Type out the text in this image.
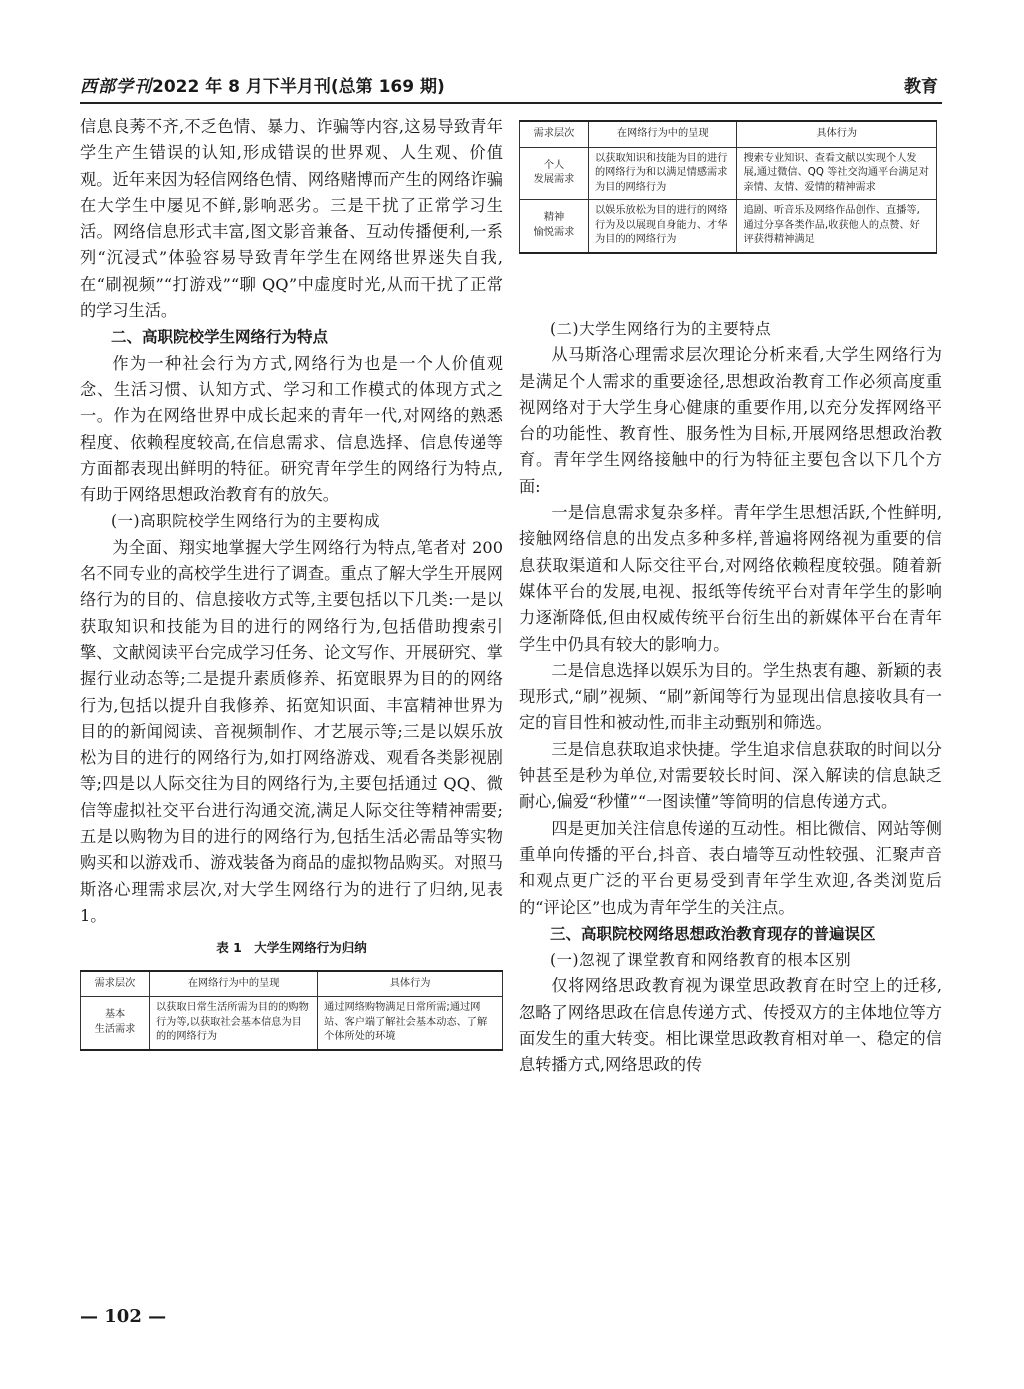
西部学刊2022 年 8 月下半月刊(总第 169 期)	教育

信息良莠不齐,不乏色情、暴力、诈骗等内容,这易导致青年学生产生错误的认知,形成错误的世界观、人生观、价值观。近年来因为轻信网络色情、网络赌博而产生的网络诈骗在大学生中屡见不鲜,影响恶劣。三是干扰了正常学习生活。网络信息形式丰富,图文影音兼备、互动传播便利,一系列“沉浸式”体验容易导致青年学生在网络世界迷失自我,在“刷视频”“打游戏”“聊 QQ”中虚度时光,从而干扰了正常的学习生活。

二、高职院校学生网络行为特点

作为一种社会行为方式,网络行为也是一个人价值观念、生活习惯、认知方式、学习和工作模式的体现方式之一。作为在网络世界中成长起来的青年一代,对网络的熟悉程度、依赖程度较高,在信息需求、信息选择、信息传递等方面都表现出鲜明的特征。研究青年学生的网络行为特点,有助于网络思想政治教育有的放矢。

(一)高职院校学生网络行为的主要构成

为全面、翔实地掌握大学生网络行为特点,笔者对 200 名不同专业的高校学生进行了调查。重点了解大学生开展网络行为的目的、信息接收方式等,主要包括以下几类:一是以获取知识和技能为目的进行的网络行为,包括借助搜索引擎、文献阅读平台完成学习任务、论文写作、开展研究、掌握行业动态等;二是提升素质修养、拓宽眼界为目的的网络行为,包括以提升自我修养、拓宽知识面、丰富精神世界为目的的新闻阅读、音视频制作、才艺展示等;三是以娱乐放松为目的进行的网络行为,如打网络游戏、观看各类影视剧等;四是以人际交往为目的网络行为,主要包括通过 QQ、微信等虚拟社交平台进行沟通交流,满足人际交往等精神需要;五是以购物为目的进行的网络行为,包括生活必需品等实物购买和以游戏币、游戏装备为商品的虚拟物品购买。对照马斯洛心理需求层次,对大学生网络行为的进行了归纳,见表 1。

表 1　大学生网络行为归纳
需求层次	在网络行为中的呈现	具体行为
基本
生活需求	以获取日常生活所需为目的的购物行为等,以获取社会基本信息为目的的网络行为	通过网络购物满足日常所需;通过网站、客户端了解社会基本动态、了解个体所处的环境
需求层次	在网络行为中的呈现	具体行为
个人
发展需求	以获取知识和技能为目的进行的网络行为和以满足情感需求为目的网络行为	搜索专业知识、查看文献以实现个人发展,通过微信、QQ 等社交沟通平台满足对亲情、友情、爱情的精神需求
精神
愉悦需求	以娱乐放松为目的进行的网络行为及以展现自身能力、才华为目的的网络行为	追剧、听音乐及网络作品创作、直播等,通过分享各类作品,收获他人的点赞、好评获得精神满足

(二)大学生网络行为的主要特点

从马斯洛心理需求层次理论分析来看,大学生网络行为是满足个人需求的重要途径,思想政治教育工作必须高度重视网络对于大学生身心健康的重要作用,以充分发挥网络平台的功能性、教育性、服务性为目标,开展网络思想政治教育。青年学生网络接触中的行为特征主要包含以下几个方面:

一是信息需求复杂多样。青年学生思想活跃,个性鲜明,接触网络信息的出发点多种多样,普遍将网络视为重要的信息获取渠道和人际交往平台,对网络依赖程度较强。随着新媒体平台的发展,电视、报纸等传统平台对青年学生的影响力逐渐降低,但由权威传统平台衍生出的新媒体平台在青年学生中仍具有较大的影响力。

二是信息选择以娱乐为目的。学生热衷有趣、新颖的表现形式,“刷”视频、“刷”新闻等行为显现出信息接收具有一定的盲目性和被动性,而非主动甄别和筛选。

三是信息获取追求快捷。学生追求信息获取的时间以分钟甚至是秒为单位,对需要较长时间、深入解读的信息缺乏耐心,偏爱“秒懂”“一图读懂”等简明的信息传递方式。

四是更加关注信息传递的互动性。相比微信、网站等侧重单向传播的平台,抖音、表白墙等互动性较强、汇聚声音和观点更广泛的平台更易受到青年学生欢迎,各类浏览后的“评论区”也成为青年学生的关注点。

三、高职院校网络思想政治教育现存的普遍误区

(一)忽视了课堂教育和网络教育的根本区别

仅将网络思政教育视为课堂思政教育在时空上的迁移,忽略了网络思政在信息传递方式、传授双方的主体地位等方面发生的重大转变。相比课堂思政教育相对单一、稳定的信息转播方式,网络思政的传

— 102 —
